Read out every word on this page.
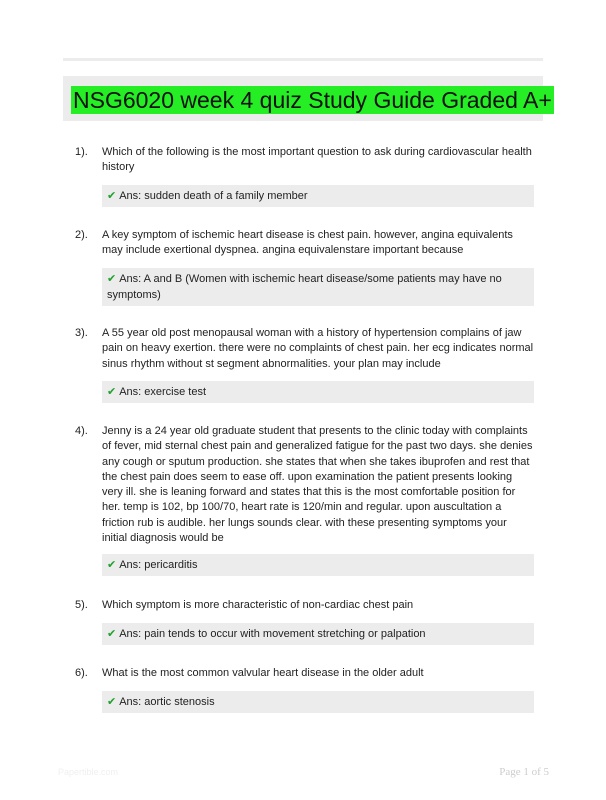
NSG6020 week 4 quiz Study Guide Graded A+
1). Which of the following is the most important question to ask during cardiovascular health history
✔ Ans: sudden death of a family member
2). A key symptom of ischemic heart disease is chest pain. however, angina equivalents may include exertional dyspnea. angina equivalenstare important because
✔ Ans: A and B (Women with ischemic heart disease/some patients may have no symptoms)
3). A 55 year old post menopausal woman with a history of hypertension complains of jaw pain on heavy exertion. there were no complaints of chest pain. her ecg indicates normal sinus rhythm without st segment abnormalities. your plan may include
✔ Ans: exercise test
4). Jenny is a 24 year old graduate student that presents to the clinic today with complaints of fever, mid sternal chest pain and generalized fatigue for the past two days. she denies any cough or sputum production. she states that when she takes ibuprofen and rest that the chest pain does seem to ease off. upon examination the patient presents looking very ill. she is leaning forward and states that this is the most comfortable position for her. temp is 102, bp 100/70, heart rate is 120/min and regular. upon auscultation a friction rub is audible. her lungs sounds clear. with these presenting symptoms your initial diagnosis would be
✔ Ans: pericarditis
5). Which symptom is more characteristic of non-cardiac chest pain
✔ Ans: pain tends to occur with movement stretching or palpation
6). What is the most common valvular heart disease in the older adult
✔ Ans: aortic stenosis
Papertible.com	Page 1 of 5
